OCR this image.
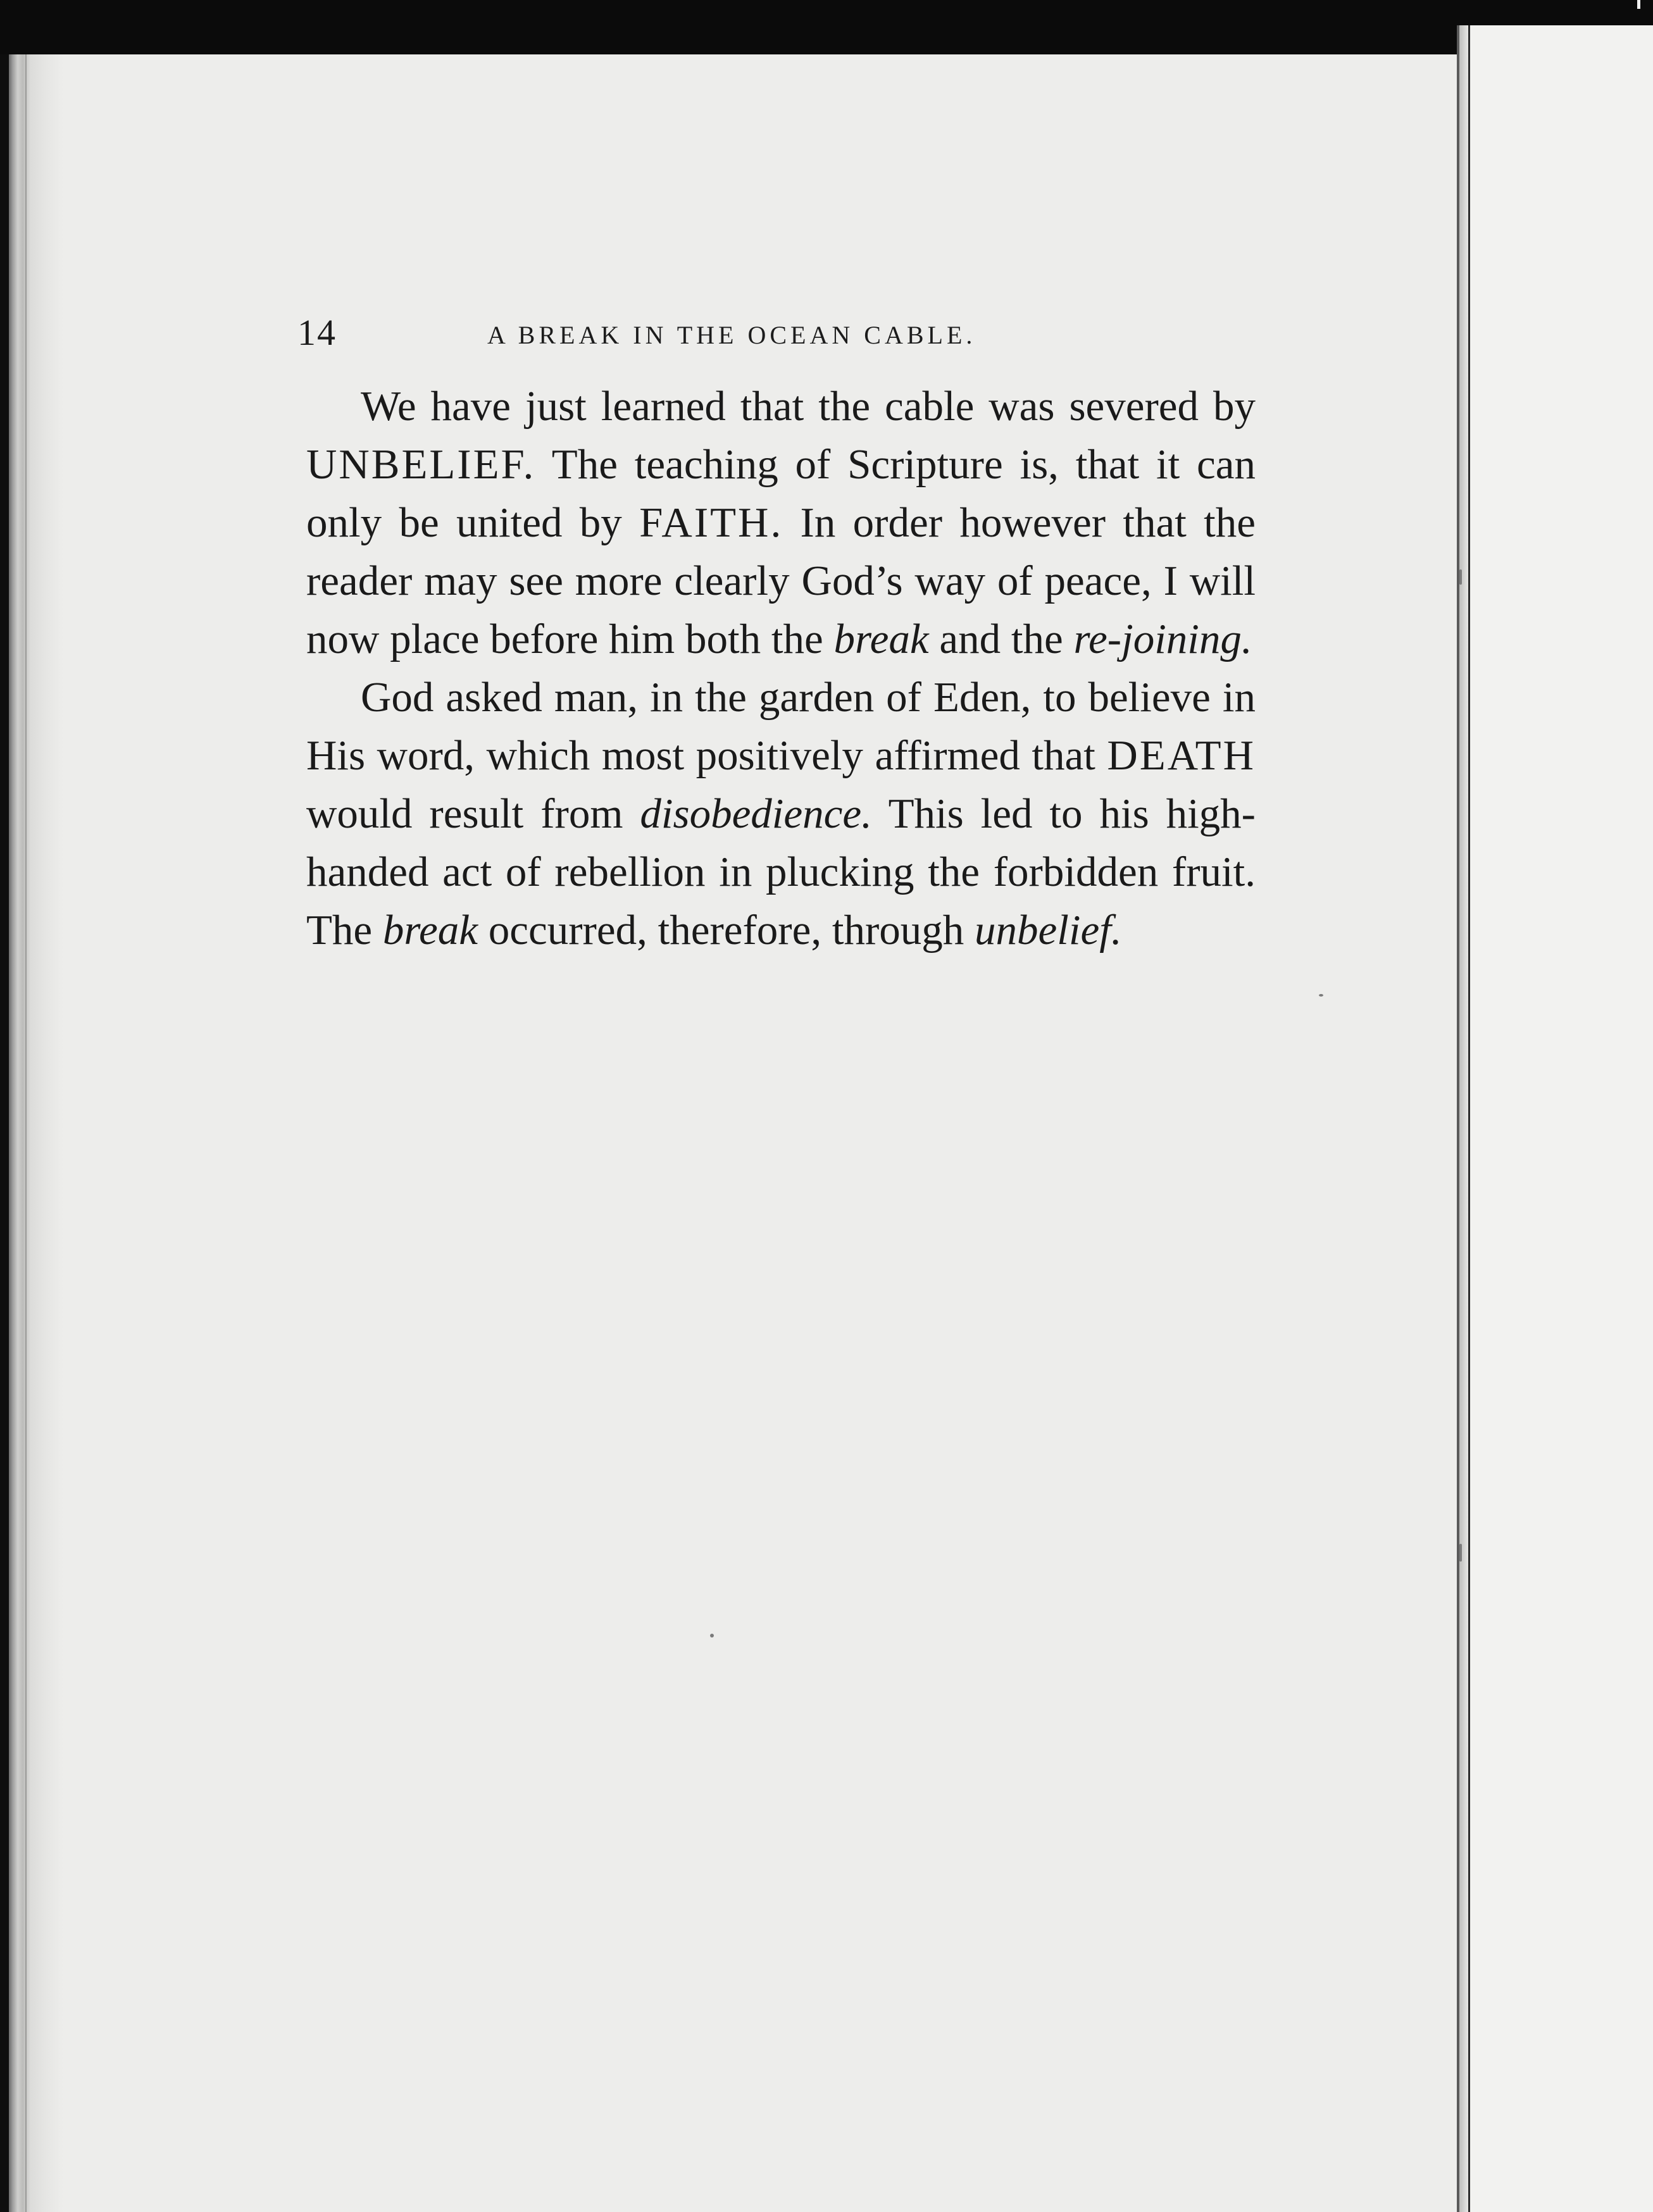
14	A BREAK IN THE OCEAN CABLE.

We have just learned that the cable was severed by UNBELIEF. The teaching of Scripture is, that it can only be united by FAITH. In order however that the reader may see more clearly God’s way of peace, I will now place before him both the break and the re-joining.

God asked man, in the garden of Eden, to believe in His word, which most positively affirmed that DEATH would result from disobedience. This led to his high-handed act of rebellion in plucking the forbidden fruit. The break occurred, therefore, through unbelief.
